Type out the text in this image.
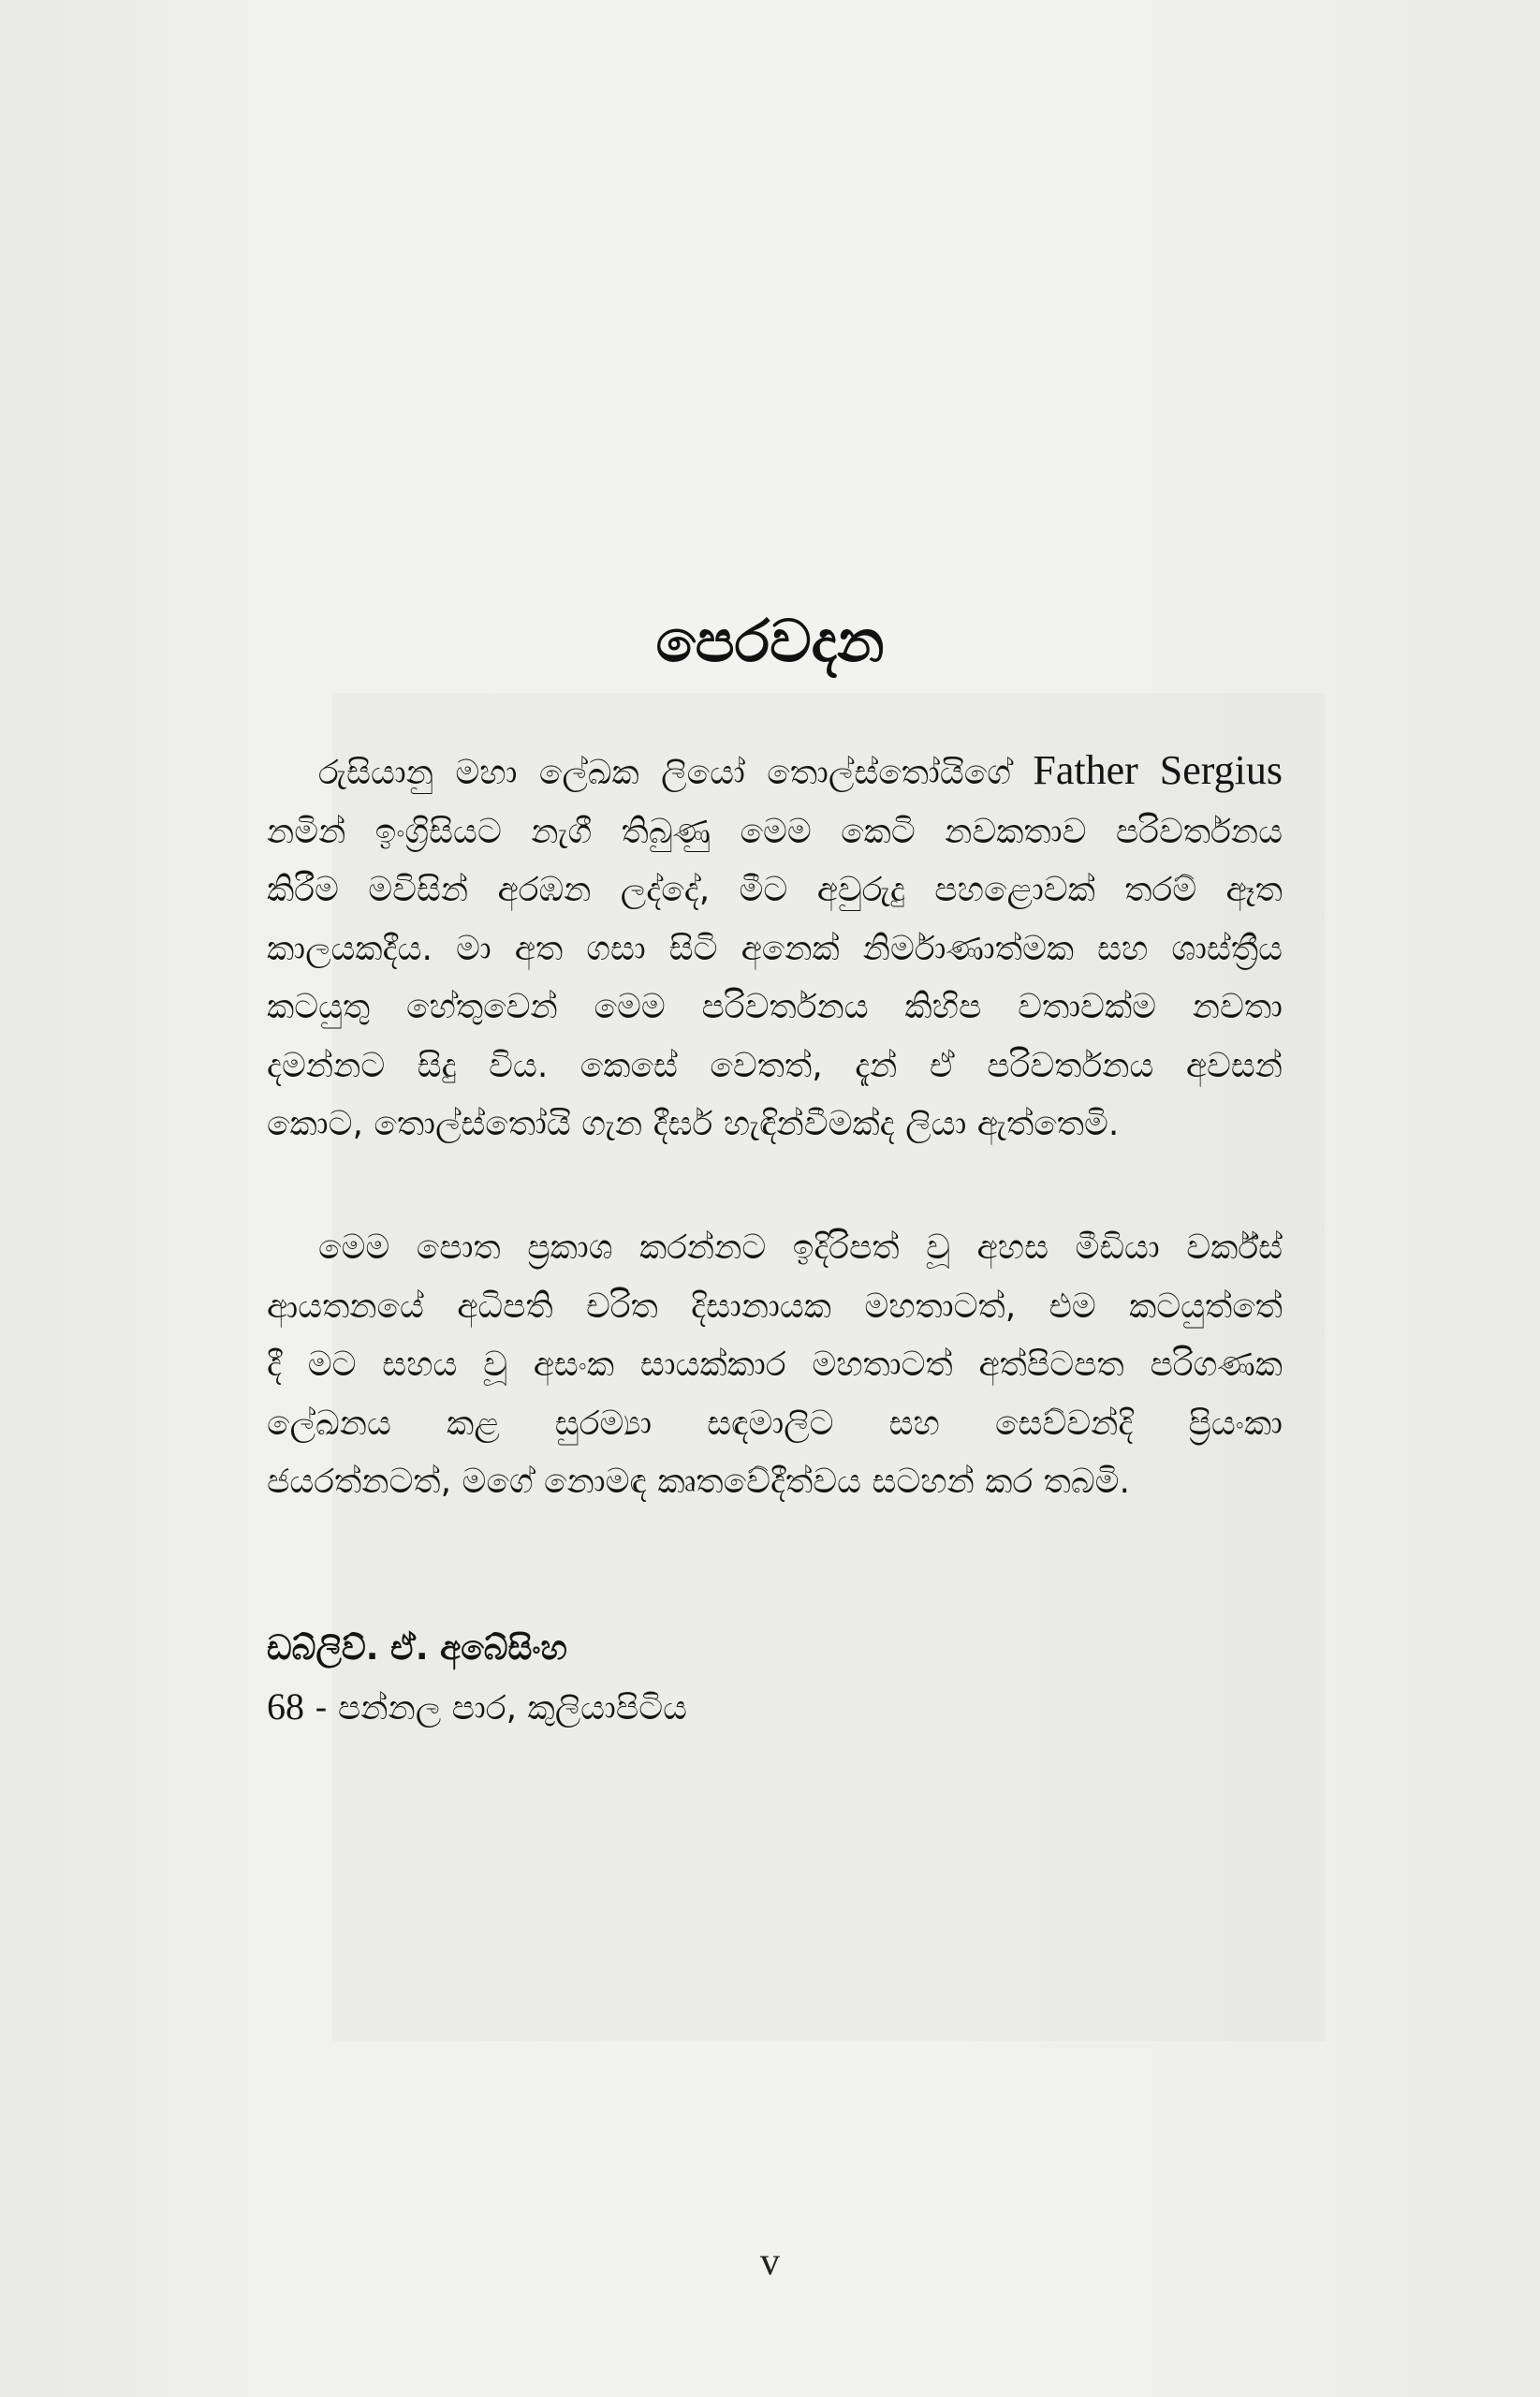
පෙරවදන
රුසියානු මහා ලේඛක ලියෝ තොල්ස්තෝයිගේ Father Sergius
නමින් ඉංග්‍රිසියට නැගී තිබුණු මෙම කෙටි නවකතාව පරිවර්තනය
කිරීම මවිසින් අරඹන ලද්දේ, මීට අවුරුදු පහළොවක් තරම් ඈත
කාලයකදීය. මා අත ගසා සිටි අනෙක් නිර්මාණාත්මක සහ ශාස්ත්‍රීය
කටයුතු හේතුවෙන් මෙම පරිවර්තනය කිහිප වතාවක්ම නවතා
දමන්නට සිදු විය. කෙසේ වෙතත්, දැන් ඒ පරිවර්තනය අවසන්
කොට, තොල්ස්තෝයි ගැන දීර්ඝ හැඳින්වීමක්ද ලියා ඇත්තෙමි.
මෙම පොත ප්‍රකාශ කරන්නට ඉදිරිපත් වූ අහස මීඩියා වර්ක්ස්
ආයතනයේ අධිපති චරිත දිසානායක මහතාටත්, එම කටයුත්තේ
දී මට සහය වූ අසංක සායක්කාර මහතාටත් අත්පිටපත පරිගණක
ලේඛනය කළ සුරම්‍යා සඳමාලිට සහ සෙව්වන්දි ප්‍රියංකා
ජයරත්නටත්, මගේ නොමඳ කෘතවේදීත්වය සටහන් කර තබමි.
ඩබ්ලිව්. ඒ. අබේසිංහ
68 - පන්නල පාර, කුලියාපිටිය
v
